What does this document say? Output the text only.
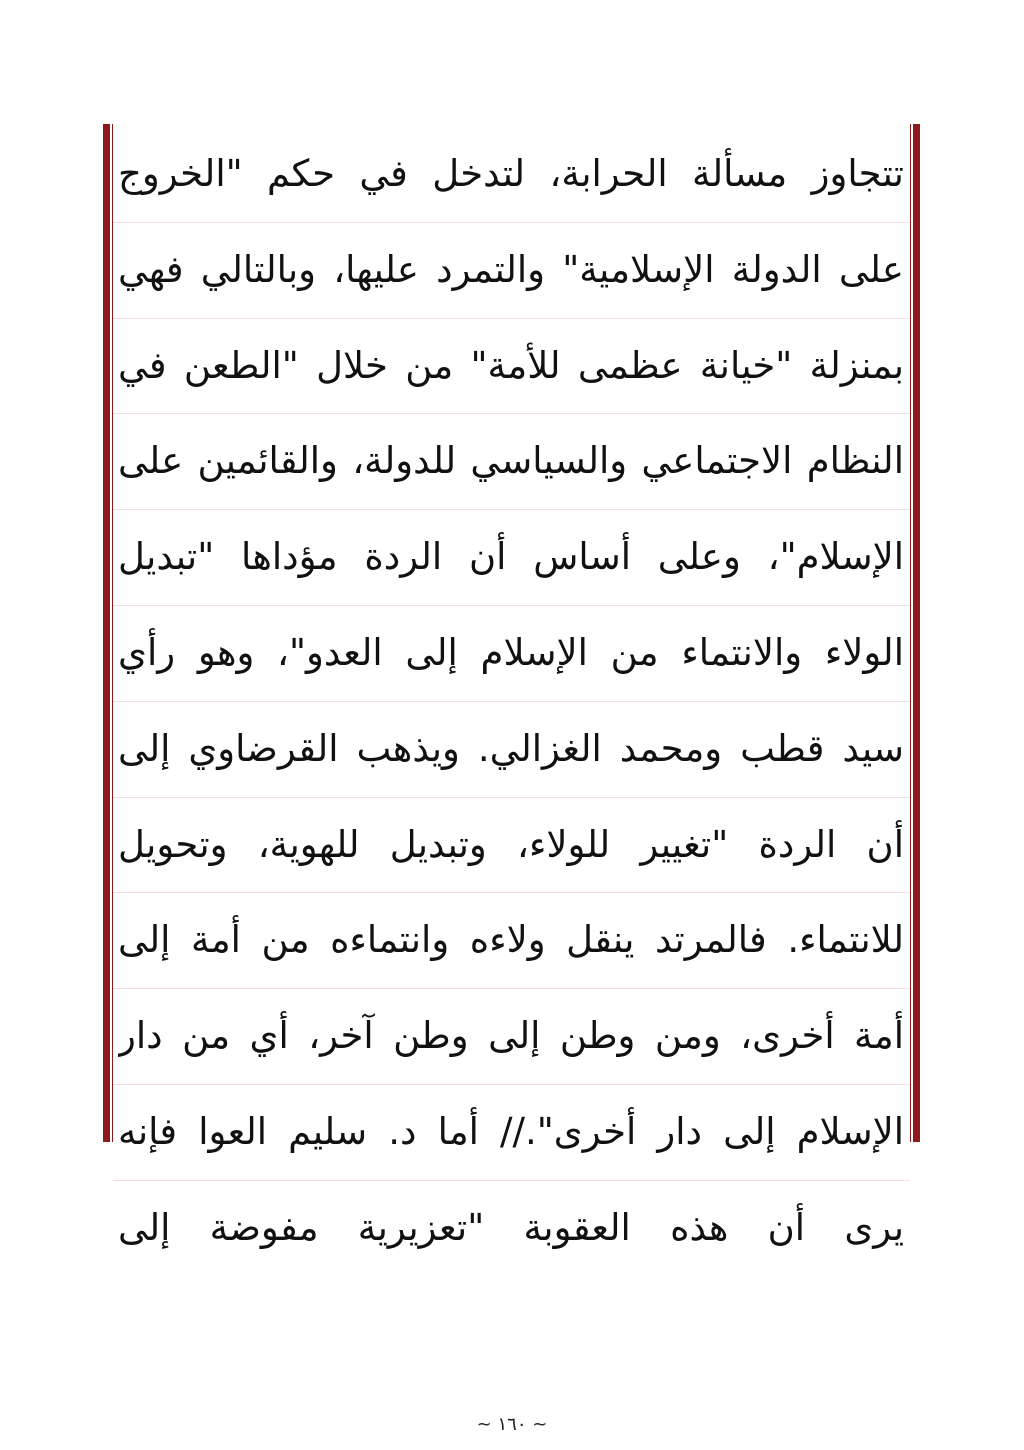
تتجاوز مسألة الحرابة، لتدخل في حكم "الخروج
على الدولة الإسلامية" والتمرد عليها، وبالتالي فهي
بمنزلة "خيانة عظمى للأمة" من خلال "الطعن في
النظام الاجتماعي والسياسي للدولة، والقائمين على
الإسلام"، وعلى أساس أن الردة مؤداها "تبديل
الولاء والانتماء من الإسلام إلى العدو"، وهو رأي
سيد قطب ومحمد الغزالي. ويذهب القرضاوي إلى
أن الردة "تغيير للولاء، وتبديل للهوية، وتحويل
للانتماء. فالمرتد ينقل ولاءه وانتماءه من أمة إلى
أمة أخرى، ومن وطن إلى وطن آخر، أي من دار
الإسلام إلى دار أخرى".// أما د. سليم العوا فإنه
يرى أن هذه العقوبة "تعزيرية مفوضة إلى
~ ١٦٠ ~
